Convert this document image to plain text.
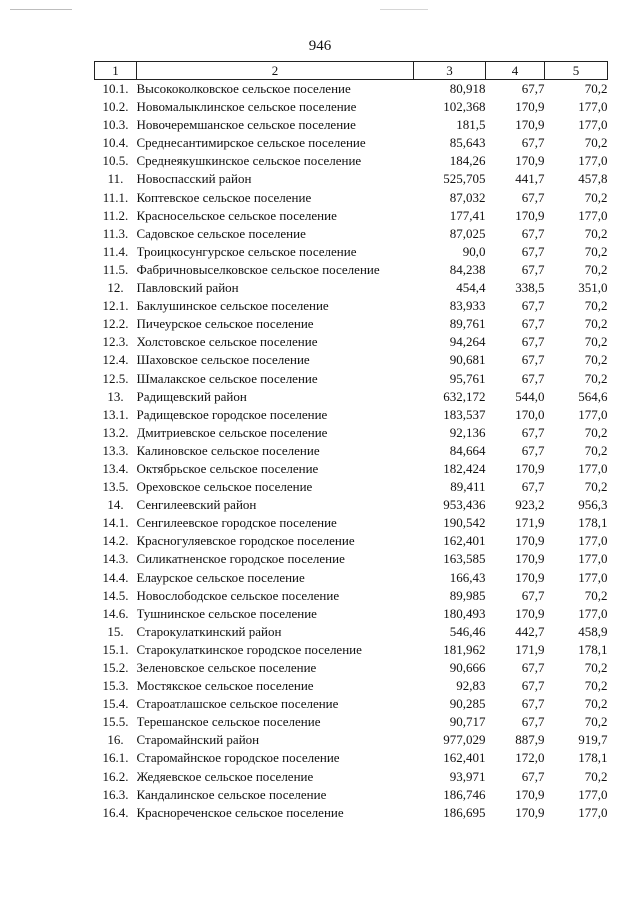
946
1	2	3	4	5
10.1.	Высококолковское сельское поселение	80,918	67,7	70,2
10.2.	Новомалыклинское сельское поселение	102,368	170,9	177,0
10.3.	Новочеремшанское сельское поселение	181,5	170,9	177,0
10.4.	Среднесантимирское сельское поселение	85,643	67,7	70,2
10.5.	Среднеякушкинское сельское поселение	184,26	170,9	177,0
11.	Новоспасский район	525,705	441,7	457,8
11.1.	Коптевское сельское поселение	87,032	67,7	70,2
11.2.	Красносельское сельское поселение	177,41	170,9	177,0
11.3.	Садовское сельское поселение	87,025	67,7	70,2
11.4.	Троицкосунгурское сельское поселение	90,0	67,7	70,2
11.5.	Фабричновыселковское сельское поселение	84,238	67,7	70,2
12.	Павловский район	454,4	338,5	351,0
12.1.	Баклушинское сельское поселение	83,933	67,7	70,2
12.2.	Пичеурское сельское поселение	89,761	67,7	70,2
12.3.	Холстовское сельское поселение	94,264	67,7	70,2
12.4.	Шаховское сельское поселение	90,681	67,7	70,2
12.5.	Шмалакское сельское поселение	95,761	67,7	70,2
13.	Радищевский район	632,172	544,0	564,6
13.1.	Радищевское городское поселение	183,537	170,0	177,0
13.2.	Дмитриевское сельское поселение	92,136	67,7	70,2
13.3.	Калиновское сельское поселение	84,664	67,7	70,2
13.4.	Октябрьское сельское поселение	182,424	170,9	177,0
13.5.	Ореховское сельское поселение	89,411	67,7	70,2
14.	Сенгилеевский район	953,436	923,2	956,3
14.1.	Сенгилеевское городское поселение	190,542	171,9	178,1
14.2.	Красногуляевское городское поселение	162,401	170,9	177,0
14.3.	Силикатненское городское поселение	163,585	170,9	177,0
14.4.	Елаурское сельское поселение	166,43	170,9	177,0
14.5.	Новослободское сельское поселение	89,985	67,7	70,2
14.6.	Тушнинское сельское поселение	180,493	170,9	177,0
15.	Старокулаткинский район	546,46	442,7	458,9
15.1.	Старокулаткинское городское поселение	181,962	171,9	178,1
15.2.	Зеленовское сельское поселение	90,666	67,7	70,2
15.3.	Мостякское сельское поселение	92,83	67,7	70,2
15.4.	Староатлашское сельское поселение	90,285	67,7	70,2
15.5.	Терешанское сельское поселение	90,717	67,7	70,2
16.	Старомайнский район	977,029	887,9	919,7
16.1.	Старомайнское городское поселение	162,401	172,0	178,1
16.2.	Жедяевское сельское поселение	93,971	67,7	70,2
16.3.	Кандалинское сельское поселение	186,746	170,9	177,0
16.4.	Краснореченское сельское поселение	186,695	170,9	177,0
